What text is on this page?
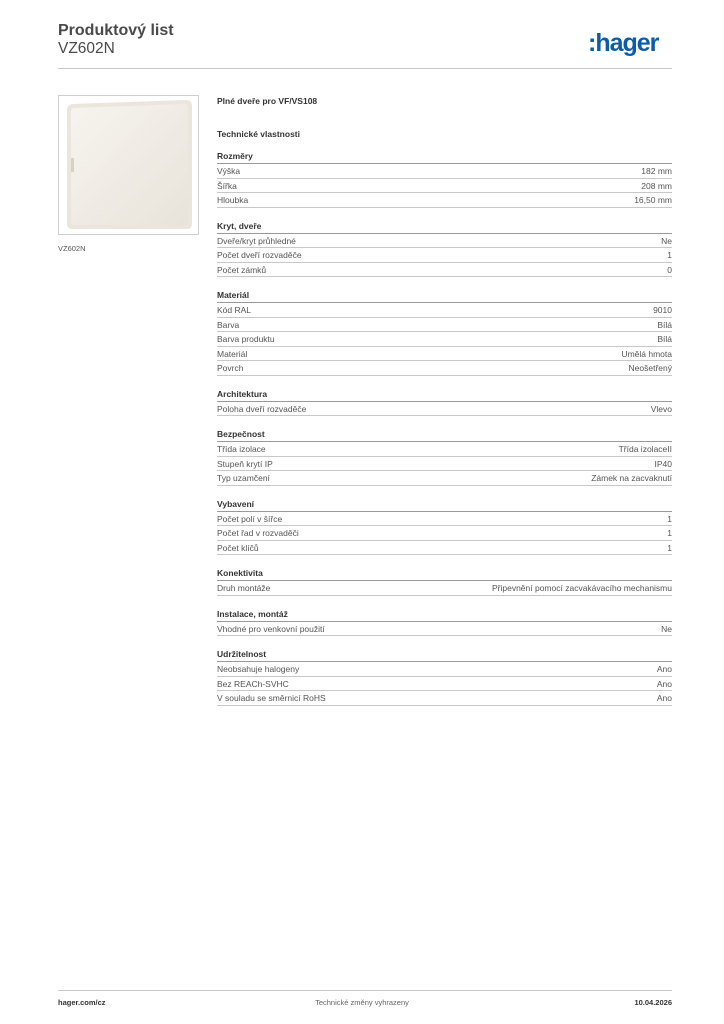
Produktový list
VZ602N	:hager
VZ602N
Plné dveře pro VF/VS108
Technické vlastnosti
Rozměry
Výška	182 mm
Šířka	208 mm
Hloubka	16,50 mm
Kryt, dveře
Dveře/kryt průhledné	Ne
Počet dveří rozvaděče	1
Počet zámků	0
Materiál
Kód RAL	9010
Barva	Bílá
Barva produktu	Bílá
Materiál	Umělá hmota
Povrch	Neošetřený
Architektura
Poloha dveří rozvaděče	Vlevo
Bezpečnost
Třída izolace	Třída izolaceII
Stupeň krytí IP	IP40
Typ uzamčení	Zámek na zacvaknutí
Vybavení
Počet polí v šířce	1
Počet řad v rozvaděči	1
Počet klíčů	1
Konektivita
Druh montáže	Připevnění pomocí zacvakávacího mechanismu
Instalace, montáž
Vhodné pro venkovní použití	Ne
Udržitelnost
Neobsahuje halogeny	Ano
Bez REACh-SVHC	Ano
V souladu se směrnicí RoHS	Ano
hager.com/cz	Technické změny vyhrazeny	10.04.2026
